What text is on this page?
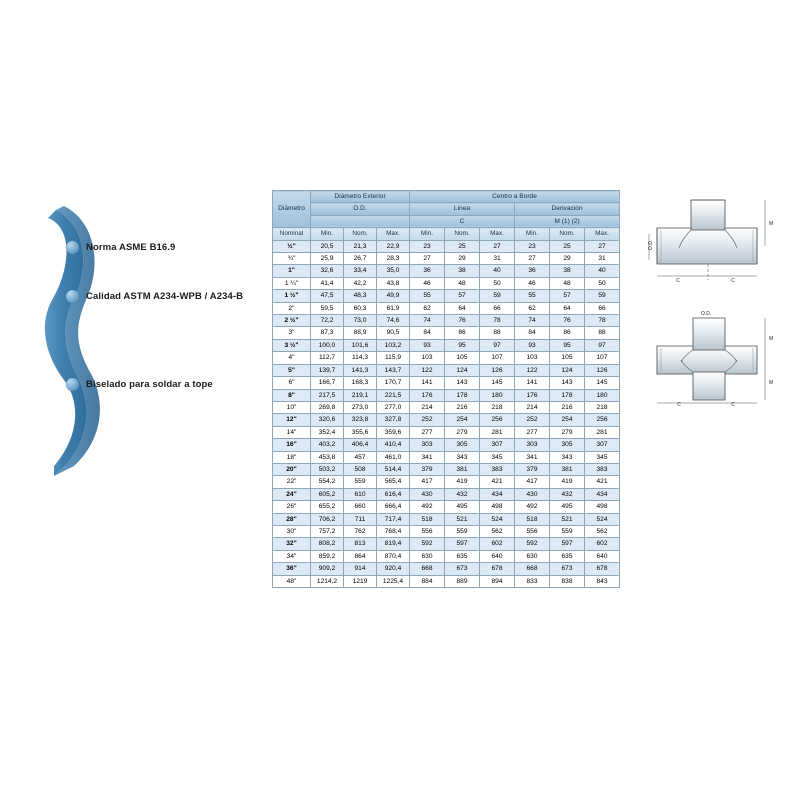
Norma ASME B16.9
Calidad ASTM A234-WPB / A234-B
Biselado para soldar a tope
Diámetro	Diámetro Exterior			Centro a Borde					
	O.D.			Linea			Derivación		
				C			M (1) (2)		
Nominal	Min.	Nom.	Max.	Min.	Nom.	Max.	Min.	Nom.	Max.
½"	20,5	21,3	22,9	23	25	27	23	25	27
¾"	25,9	26,7	28,3	27	29	31	27	29	31
1"	32,6	33,4	35,0	36	38	40	36	38	40
1 ¼"	41,4	42,2	43,8	46	48	50	46	48	50
1 ½"	47,5	48,3	49,9	55	57	59	55	57	59
2"	59,5	60,3	61,9	62	64	66	62	64	66
2 ½"	72,2	73,0	74,6	74	76	78	74	76	78
3"	87,3	88,9	90,5	84	86	88	84	86	88
3 ½"	100,0	101,6	103,2	93	95	97	93	95	97
4"	112,7	114,3	115,9	103	105	107	103	105	107
5"	139,7	141,3	143,7	122	124	126	122	124	126
6"	166,7	168,3	170,7	141	143	145	141	143	145
8"	217,5	219,1	221,5	176	178	180	176	178	180
10"	269,8	273,0	277,0	214	216	218	214	216	218
12"	320,6	323,8	327,8	252	254	256	252	254	256
14"	352,4	355,6	359,6	277	279	281	277	279	281
16"	403,2	406,4	410,4	303	305	307	303	305	307
18"	453,8	457	461,0	341	343	345	341	343	345
20"	503,2	508	514,4	379	381	383	379	381	383
22"	554,2	559	565,4	417	419	421	417	419	421
24"	605,2	610	616,4	430	432	434	430	432	434
26"	655,2	660	666,4	492	495	498	492	495	498
28"	706,2	711	717,4	518	521	524	518	521	524
30"	757,2	762	768,4	556	559	562	556	559	562
32"	808,2	813	819,4	592	597	602	592	597	602
34"	859,2	864	870,4	630	635	640	630	635	640
36"	909,2	914	920,4	668	673	678	668	673	678
48"	1214,2	1219	1225,4	884	889	894	833	838	843
C	C
M
O.D.
C	C
M
M
O.D.
